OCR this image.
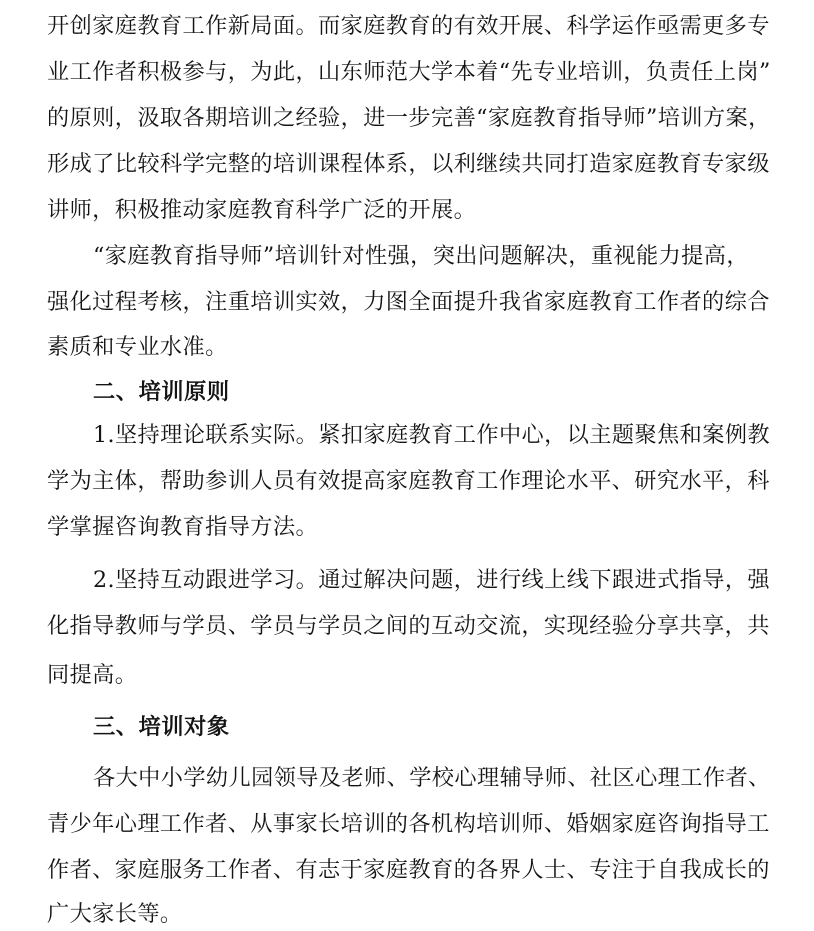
开创家庭教育工作新局面。而家庭教育的有效开展、科学运作亟需更多专
业工作者积极参与，为此，山东师范大学本着“先专业培训，负责任上岗”
的原则，汲取各期培训之经验，进一步完善“家庭教育指导师”培训方案，
形成了比较科学完整的培训课程体系，以利继续共同打造家庭教育专家级
讲师，积极推动家庭教育科学广泛的开展。
“家庭教育指导师”培训针对性强，突出问题解决，重视能力提高，
强化过程考核，注重培训实效，力图全面提升我省家庭教育工作者的综合
素质和专业水准。
二、培训原则
1.坚持理论联系实际。紧扣家庭教育工作中心，以主题聚焦和案例教
学为主体，帮助参训人员有效提高家庭教育工作理论水平、研究水平，科
学掌握咨询教育指导方法。
2.坚持互动跟进学习。通过解决问题，进行线上线下跟进式指导，强
化指导教师与学员、学员与学员之间的互动交流，实现经验分享共享，共
同提高。
三、培训对象
各大中小学幼儿园领导及老师、学校心理辅导师、社区心理工作者、
青少年心理工作者、从事家长培训的各机构培训师、婚姻家庭咨询指导工
作者、家庭服务工作者、有志于家庭教育的各界人士、专注于自我成长的
广大家长等。
